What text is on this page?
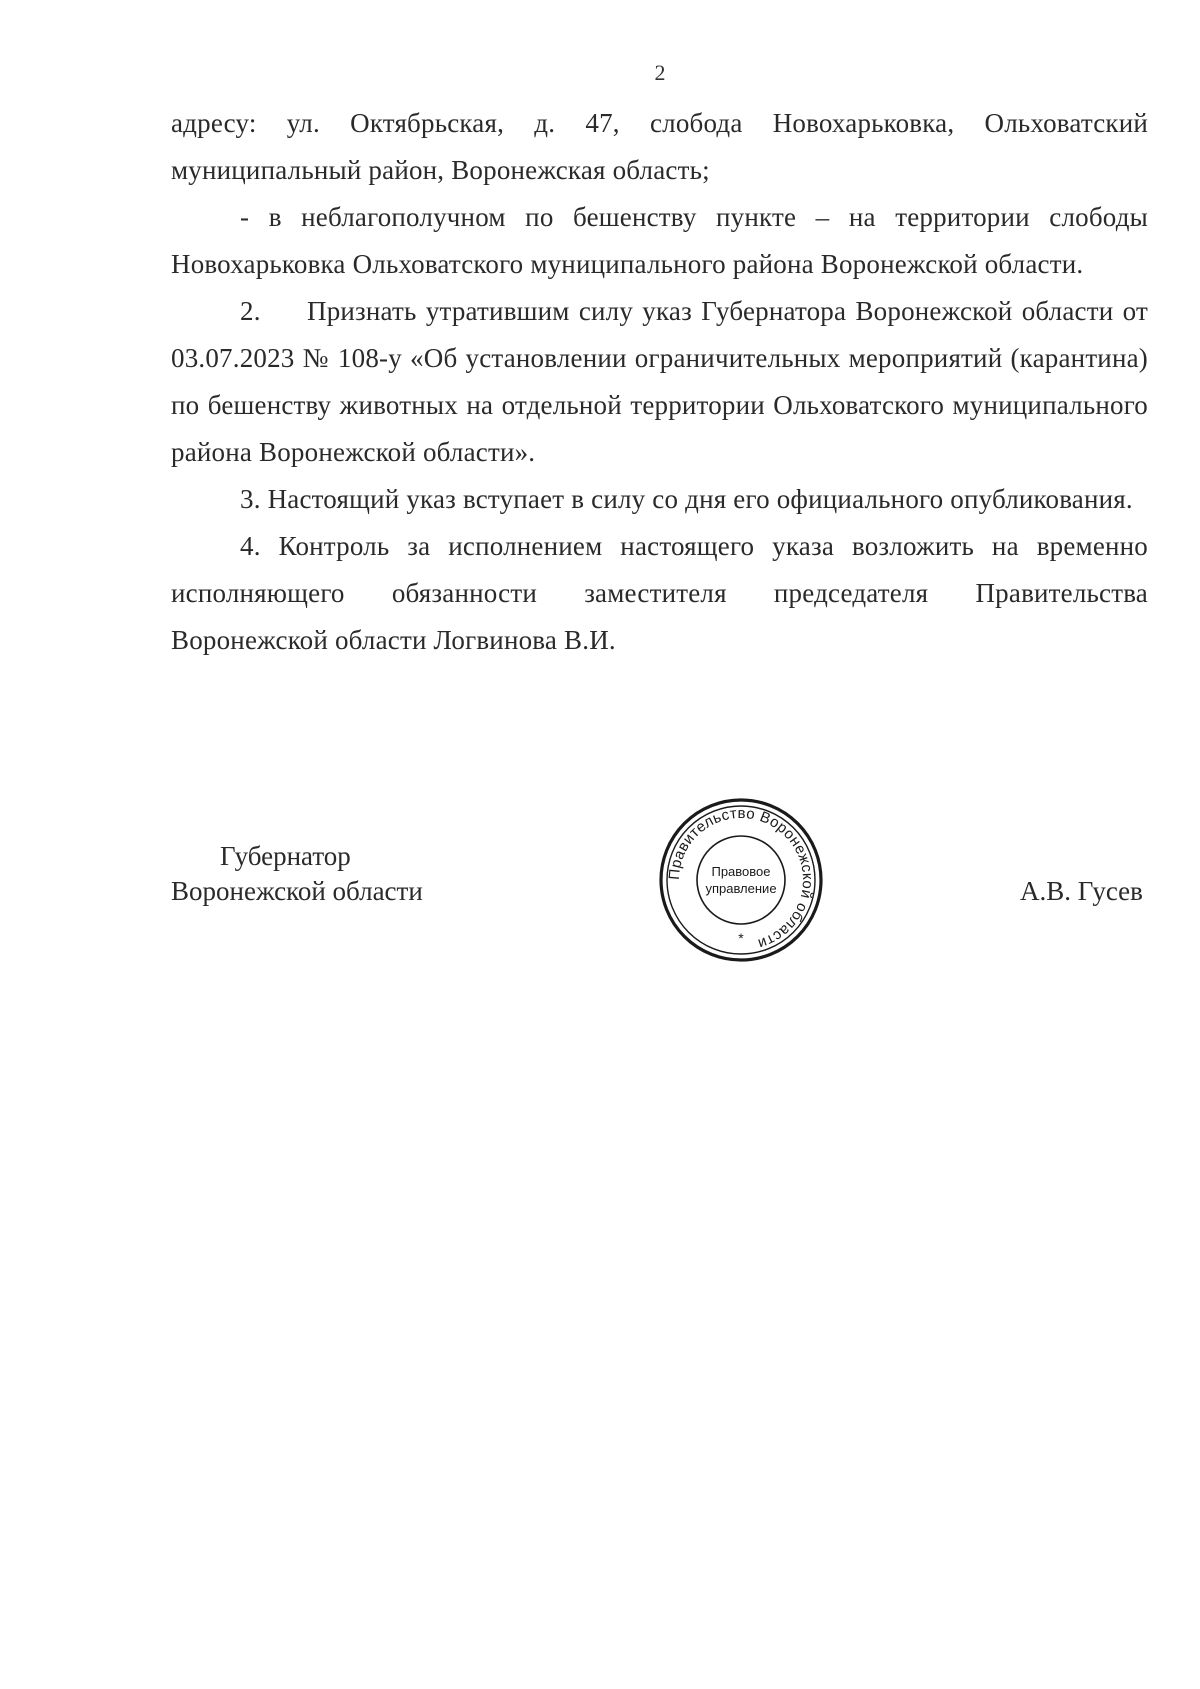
2

адресу: ул. Октябрьская, д. 47, слобода Новохарьковка, Ольховатский муниципальный район, Воронежская область;

- в неблагополучном по бешенству пункте – на территории слободы Новохарьковка Ольховатского муниципального района Воронежской области.

2. Признать утратившим силу указ Губернатора Воронежской области от 03.07.2023 № 108-у «Об установлении ограничительных мероприятий (карантина) по бешенству животных на отдельной территории Ольховатского муниципального района Воронежской области».

3. Настоящий указ вступает в силу со дня его официального опубликования.

4. Контроль за исполнением настоящего указа возложить на временно исполняющего обязанности заместителя председателя Правительства Воронежской области Логвинова В.И.

Губернатор
Воронежской области
Правительство Воронежской области
Правовое
управление
*
А.В. Гусев
